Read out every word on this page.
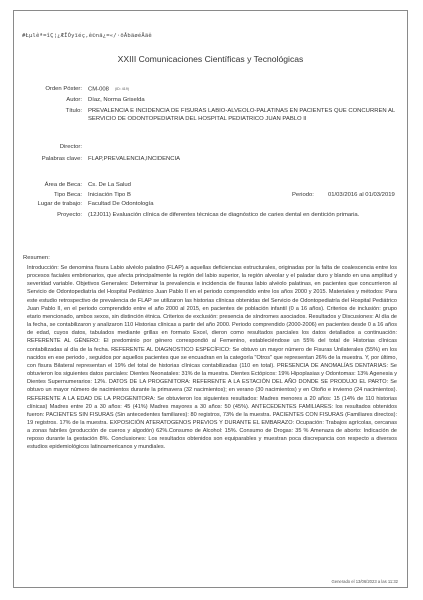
#Łµlêª=îÇ¦¿ÆÎÓyïéç,ê©nä¿=«/·öÂbäøéÄäê
XXIII Comunicaciones Científicas y Tecnológicas
Orden Póster: CM-008 (ID: 419)
Autor: Díaz, Norma Griselda
Título: PREVALENCIA E INCIDENCIA DE FISURAS LABIO-ALVEOLO-PALATINAS EN PACIENTES QUE CONCURREN AL SERVICIO DE ODONTOPEDIATRIA DEL HOSPITAL PEDIATRICO JUAN PABLO II
Director:
Palabras clave: FLAP,PREVALENCIA,INCIDENCIA
Área de Beca: Cs. De La Salud
Tipo Beca: Iniciación Tipo B	Periodo: 01/03/2016 al 01/03/2019
Lugar de trabajo: Facultad De Odontología
Proyecto: (12J011) Evaluación clínica de diferentes técnicas de diagnóstico de caries dental en dentición primaria.
Resumen:
Introducción: Se denomina fisura Labio alvéolo palatino (FLAP) a aquellas deficiencias estructurales, originadas por la falta de coalescencia entre los procesos faciales embrionarios, que afecta principalmente la región del labio superior, la región alveolar y el paladar duro y blando en una amplitud y severidad variable. Objetivos Generales: Determinar la prevalencia e incidencia de fisuras labio alvéolo palatinas, en pacientes que concurrieron al Servicio de Odontopediatría del Hospital Pediátrico Juan Pablo II en el periodo comprendido entre los años 2000 y 2015. Materiales y métodos: Para este estudio retrospectivo de prevalencia de FLAP se utilizaron las historias clínicas obtenidas del Servicio de Odontopediatría del Hospital Pediátrico Juan Pablo II, en el periodo comprendido entre el año 2000 al 2015, en pacientes de población infantil (0 a 16 años). Criterios de inclusión: grupo etario mencionado, ambos sexos, sin distinción étnica. Criterios de exclusión: presencia de síndromes asociados. Resultados y Discusiones: Al día de la fecha, se contabilizaron y analizaron 110 Historias clínicas a partir del año 2000. Periodo comprendido (2000-2006) en pacientes desde 0 a 16 años de edad, cuyos datos, tabulados mediante grillas en formato Excel, dieron como resultados parciales los datos detallados a continuación: REFERENTE AL GÉNERO: El predominio por género correspondió al Femenino, estableciéndose un 55% del total de Historias clínicas contabilizadas al día de la fecha. REFERENTE AL DIAGNOSTICO ESPECÍFICO: Se obtuvo un mayor número de Fisuras Unilaterales (55%) en los nacidos en ese periodo , seguidos por aquellos pacientes que se encuadran en la categoría "Otros" que representan 26% de la muestra. Y, por último, con fisura Bilateral representan el 19% del total de historias clínicas contabilizadas (110 en total). PRESENCIA DE ANOMALÍAS DENTARIAS: Se obtuvieron los siguientes datos parciales: Dientes Neonatales: 31% de la muestra. Dientes Ectópicos: 19% Hipoplasias y Odontomas: 13% Agenesia y Dientes Supernumerarios: 12%. DATOS DE LA PROGENITORA: REFERENTE A LA ESTACIÓN DEL AÑO DONDE SE PRODUJO EL PARTO: Se obtuvo un mayor número de nacimientos durante la primavera (32 nacimientos); en verano (30 nacimientos) y en Otoño e invierno (24 nacimientos). REFERENTE A LA EDAD DE LA PROGENITORA: Se obtuvieron los siguientes resultados: Madres menores a 20 años: 15 (14% de 110 historias clínicas) Madres entre 20 a 30 años: 45 (41%) Madres mayores a 30 años: 50 (45%). ANTECEDENTES FAMILIARES: los resultados obtenidos fueron: PACIENTES SIN FISURAS (Sin antecedentes familiares): 80 registros, 73% de la muestra. PACIENTES CON FISURAS (Familiares directos): 19 registros. 17% de la muestra. EXPOSICIÓN ATERATOGENOS PREVIOS Y DURANTE EL EMBARAZO: Ocupación: Trabajos agrícolas, cercanas a zonas fabriles (producción de cueros y algodón) 62%.Consumo de Alcohol: 15%. Consumo de Drogas: 35 % Amenaza de aborto: Indicación de reposo durante la gestación 8%. Conclusiones: Los resultados obtenidos son equiparables y muestran poca discrepancia con respecto a diversos estudios epidemiológicos latinoamericanos y mundiales.
Generado el 13/06/2023 a las 11:32
